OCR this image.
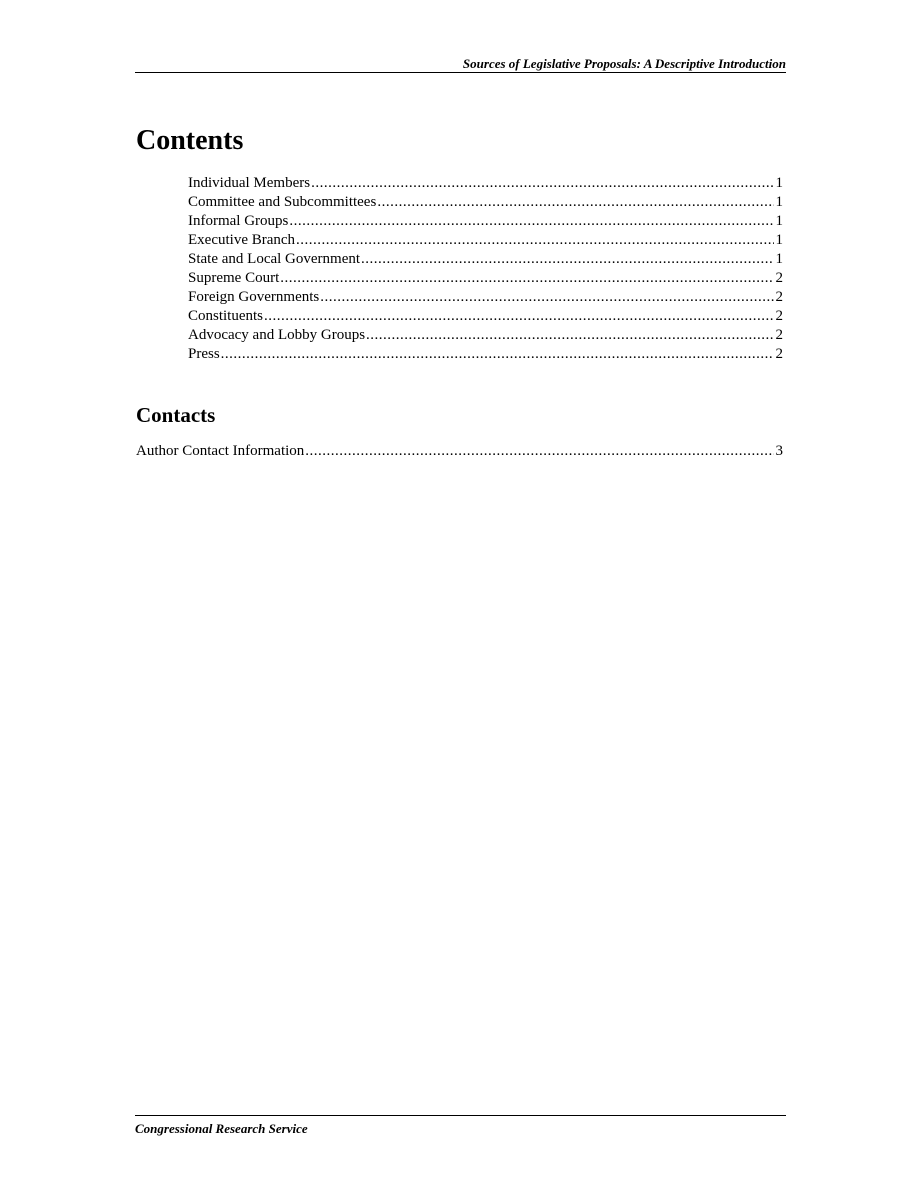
Sources of Legislative Proposals: A Descriptive Introduction
Contents
Individual Members .....	1
Committee and Subcommittees .....	1
Informal Groups .....	1
Executive Branch .....	1
State and Local Government .....	1
Supreme Court .....	2
Foreign Governments .....	2
Constituents .....	2
Advocacy and Lobby Groups .....	2
Press .....	2
Contacts
Author Contact Information .....	3
Congressional Research Service
